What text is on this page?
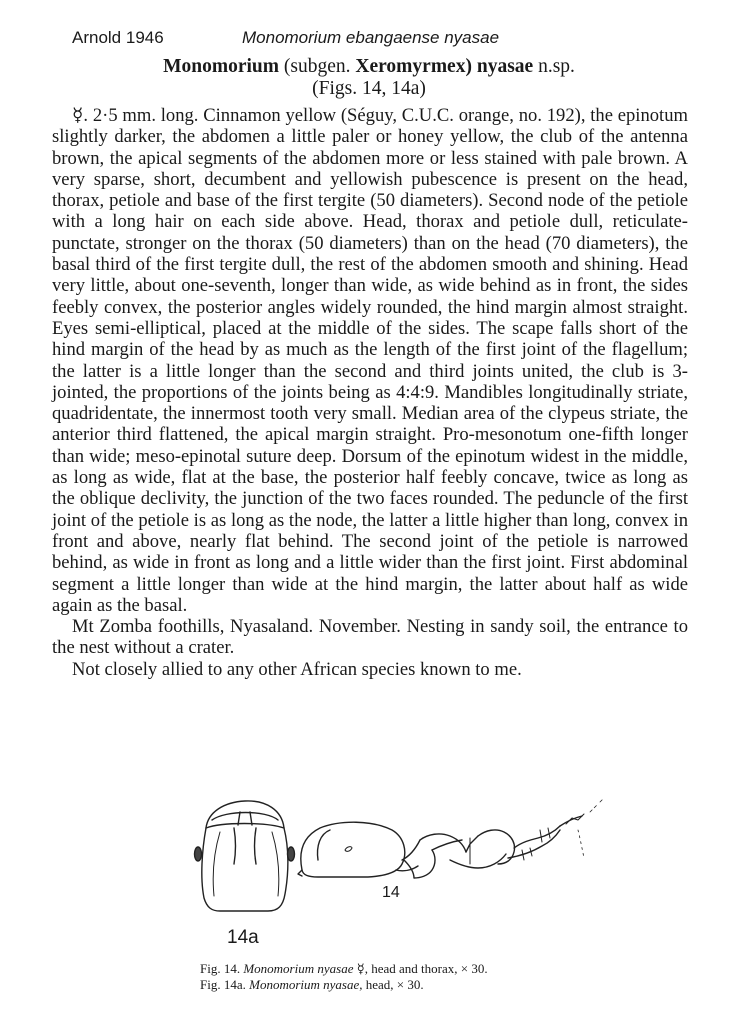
Arnold 1946	Monomorium ebangaense nyasae
Monomorium (subgen. Xeromyrmex) nyasae n.sp.
(Figs. 14, 14a)

☿. 2·5 mm. long. Cinnamon yellow (Séguy, C.U.C. orange, no. 192), the epinotum slightly darker, the abdomen a little paler or honey yellow, the club of the antenna brown, the apical segments of the abdomen more or less stained with pale brown. A very sparse, short, decumbent and yellowish pubescence is present on the head, thorax, petiole and base of the first tergite (50 diameters). Second node of the petiole with a long hair on each side above. Head, thorax and petiole dull, reticulate-punctate, stronger on the thorax (50 diameters) than on the head (70 diameters), the basal third of the first tergite dull, the rest of the abdomen smooth and shining. Head very little, about one-seventh, longer than wide, as wide behind as in front, the sides feebly convex, the posterior angles widely rounded, the hind margin almost straight. Eyes semi-elliptical, placed at the middle of the sides. The scape falls short of the hind margin of the head by as much as the length of the first joint of the flagellum; the latter is a little longer than the second and third joints united, the club is 3-jointed, the proportions of the joints being as 4:4:9. Mandibles longitudinally striate, quadridentate, the innermost tooth very small. Median area of the clypeus striate, the anterior third flattened, the apical margin straight. Pro-mesonotum one-fifth longer than wide; meso-epinotal suture deep. Dorsum of the epinotum widest in the middle, as long as wide, flat at the base, the posterior half feebly concave, twice as long as the oblique declivity, the junction of the two faces rounded. The peduncle of the first joint of the petiole is as long as the node, the latter a little higher than long, convex in front and above, nearly flat behind. The second joint of the petiole is narrowed behind, as wide in front as long and a little wider than the first joint. First abdominal segment a little longer than wide at the hind margin, the latter about half as wide again as the basal.

Mt Zomba foothills, Nyasaland. November. Nesting in sandy soil, the entrance to the nest without a crater.

Not closely allied to any other African species known to me.

14
14a
Fig. 14. Monomorium nyasae ☿, head and thorax, × 30.
Fig. 14a. Monomorium nyasae, head, × 30.
